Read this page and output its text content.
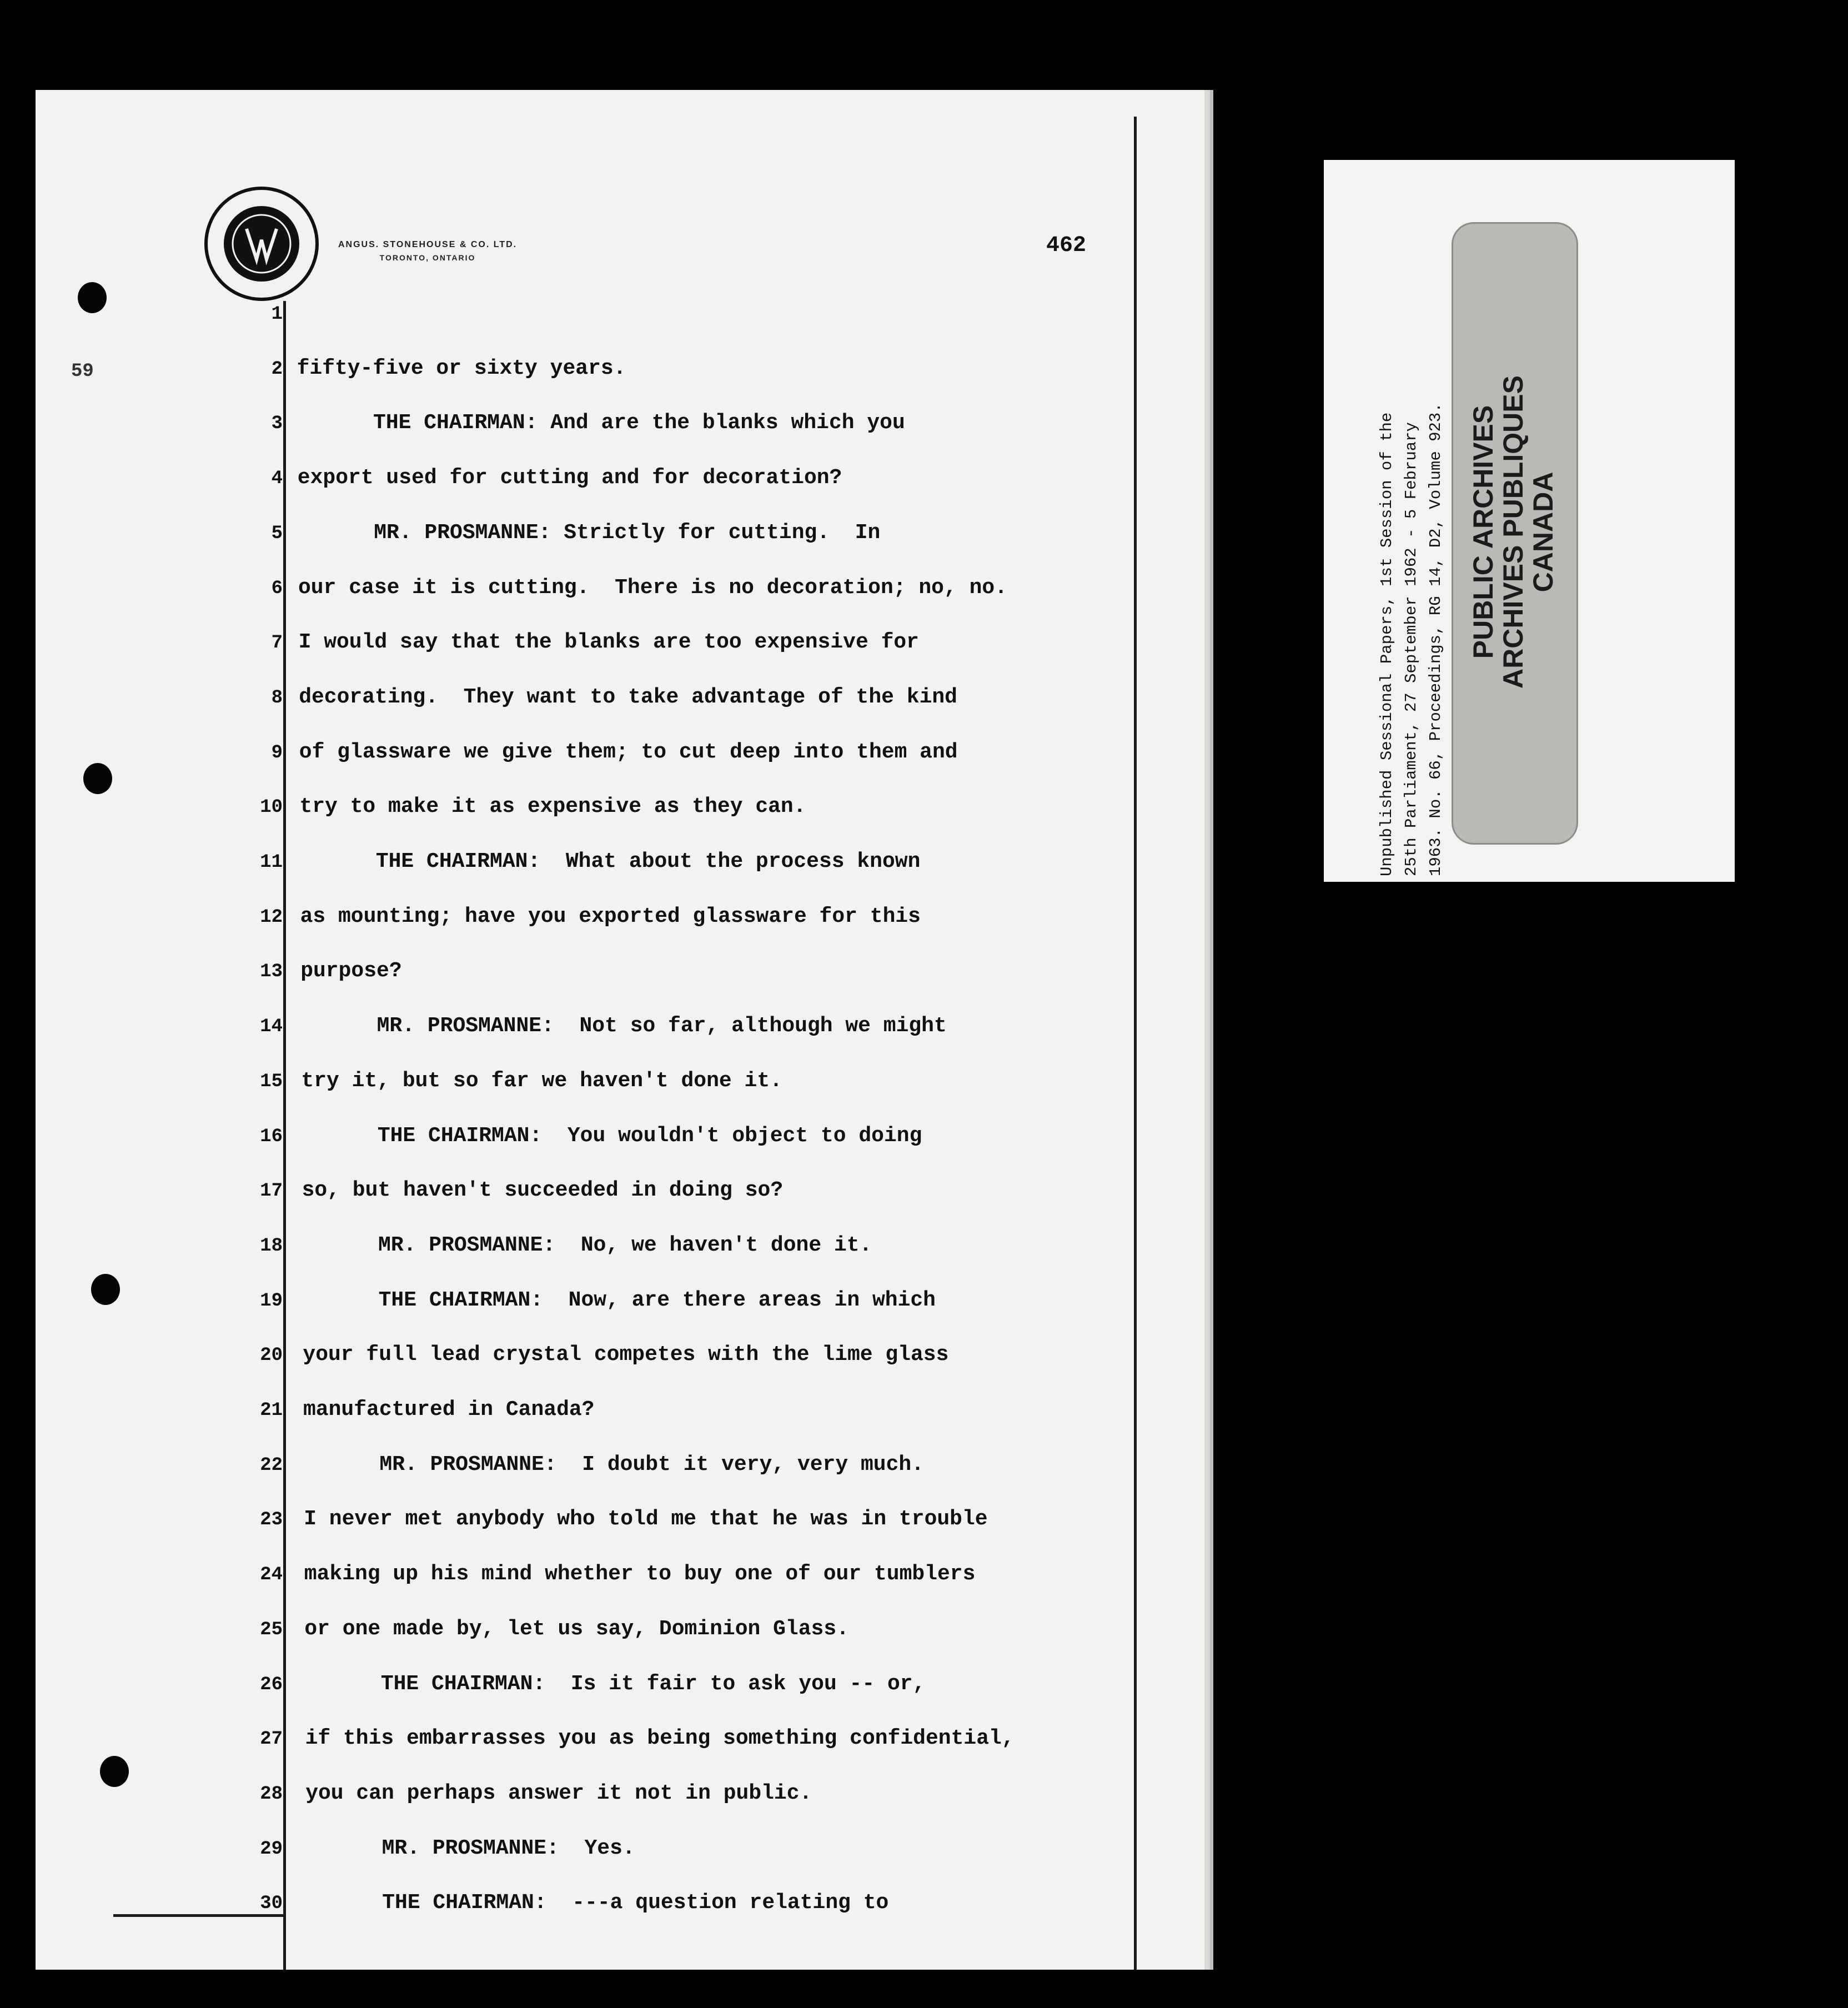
ANGUS. STONEHOUSE & CO. LTD.
TORONTO, ONTARIO	462
59
1
2 fifty-five or sixty years.
3 THE CHAIRMAN: And are the blanks which you
4 export used for cutting and for decoration?
5 MR. PROSMANNE: Strictly for cutting.  In
6 our case it is cutting.  There is no decoration; no, no.
7 I would say that the blanks are too expensive for
8 decorating.  They want to take advantage of the kind
9 of glassware we give them; to cut deep into them and
10 try to make it as expensive as they can.
11 THE CHAIRMAN:  What about the process known
12 as mounting; have you exported glassware for this
13 purpose?
14 MR. PROSMANNE:  Not so far, although we might
15 try it, but so far we haven't done it.
16 THE CHAIRMAN:  You wouldn't object to doing
17 so, but haven't succeeded in doing so?
18 MR. PROSMANNE:  No, we haven't done it.
19 THE CHAIRMAN:  Now, are there areas in which
20 your full lead crystal competes with the lime glass
21 manufactured in Canada?
22 MR. PROSMANNE:  I doubt it very, very much.
23 I never met anybody who told me that he was in trouble
24 making up his mind whether to buy one of our tumblers
25 or one made by, let us say, Dominion Glass.
26 THE CHAIRMAN:  Is it fair to ask you -- or,
27 if this embarrasses you as being something confidential,
28 you can perhaps answer it not in public.
29 MR. PROSMANNE:  Yes.
30 THE CHAIRMAN:  ---a question relating to
Unpublished Sessional Papers, 1st Session of the 25th Parliament, 27 September 1962 - 5 February 1963. No. 66, Proceedings, RG 14, D2, Volume 923. PUBLIC ARCHIVES
ARCHIVES PUBLIQUES
CANADA
